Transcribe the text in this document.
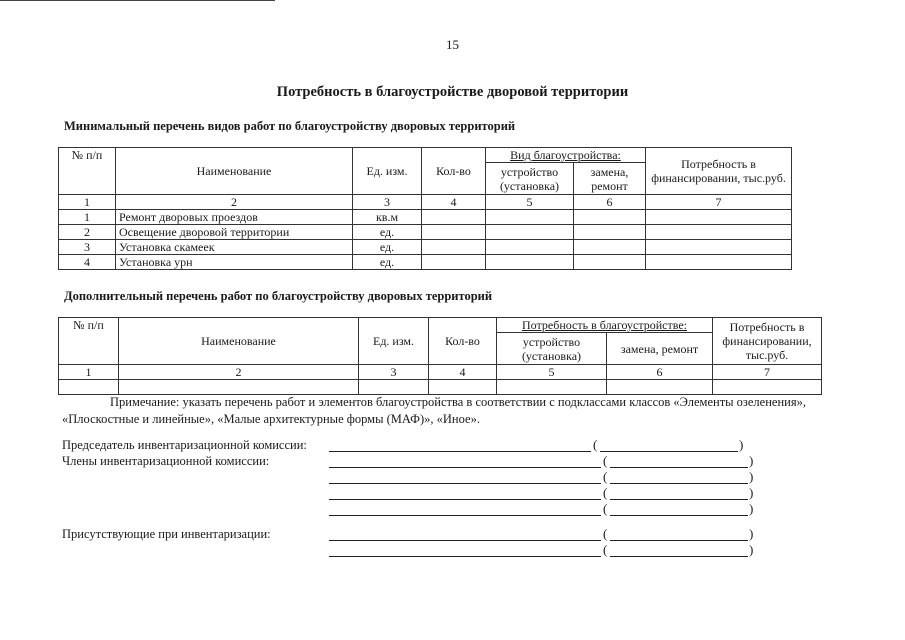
15
Потребность в благоустройстве дворовой территории
Минимальный перечень видов работ по благоустройству дворовых территорий
№ п/п	Наименование	Ед. изм.	Кол-во	Вид благоустройства:		Потребность в финансировании, тыс.руб.
				устройство (установка)	замена, ремонт	
1	2	3	4	5	6	7
1	Ремонт дворовых проездов	кв.м				
2	Освещение дворовой территории	ед.				
3	Установка скамеек	ед.				
4	Установка урн	ед.				
Дополнительный перечень работ по благоустройству дворовых территорий
№ п/п	Наименование	Ед. изм.	Кол-во	Потребность в благоустройстве:		Потребность в финансировании, тыс.руб.
				устройство (установка)	замена, ремонт	
1	2	3	4	5	6	7

Примечание: указать перечень работ и элементов благоустройства в соответствии с подклассами классов «Элементы озеленения», «Плоскостные и линейные», «Малые архитектурные формы (МАФ)», «Иное».
Председатель инвентаризационной комиссии:	(	)
Члены инвентаризационной комиссии:	(	)
(	)
(	)
(	)
Присутствующие при инвентаризации:	(	)
(	)
